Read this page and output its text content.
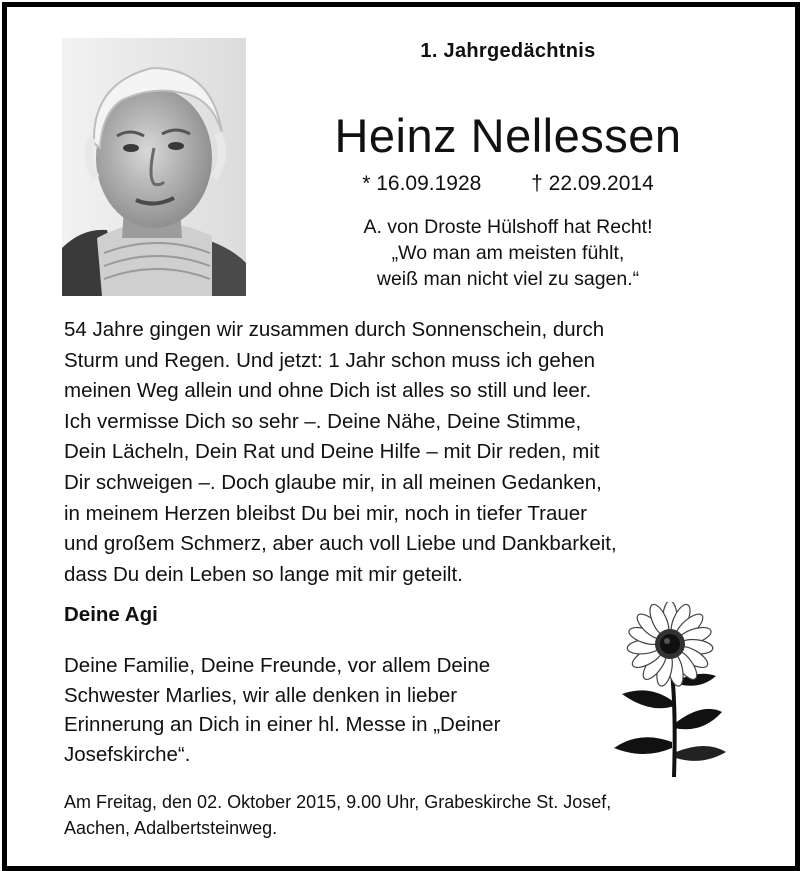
1. Jahrgedächtnis
Heinz Nellessen
* 16.09.1928 † 22.09.2014
A. von Droste Hülshoff hat Recht!
„Wo man am meisten fühlt,
weiß man nicht viel zu sagen.“
54 Jahre gingen wir zusammen durch Sonnenschein, durch
Sturm und Regen. Und jetzt: 1 Jahr schon muss ich gehen
meinen Weg allein und ohne Dich ist alles so still und leer.
Ich vermisse Dich so sehr –. Deine Nähe, Deine Stimme,
Dein Lächeln, Dein Rat und Deine Hilfe – mit Dir reden, mit
Dir schweigen –. Doch glaube mir, in all meinen Gedanken,
in meinem Herzen bleibst Du bei mir, noch in tiefer Trauer
und großem Schmerz, aber auch voll Liebe und Dankbarkeit,
dass Du dein Leben so lange mit mir geteilt.
Deine Agi
Deine Familie, Deine Freunde, vor allem Deine
Schwester Marlies, wir alle denken in lieber
Erinnerung an Dich in einer hl. Messe in „Deiner
Josefskirche“.
Am Freitag, den 02. Oktober 2015, 9.00 Uhr, Grabeskirche St. Josef,
Aachen, Adalbertsteinweg.
